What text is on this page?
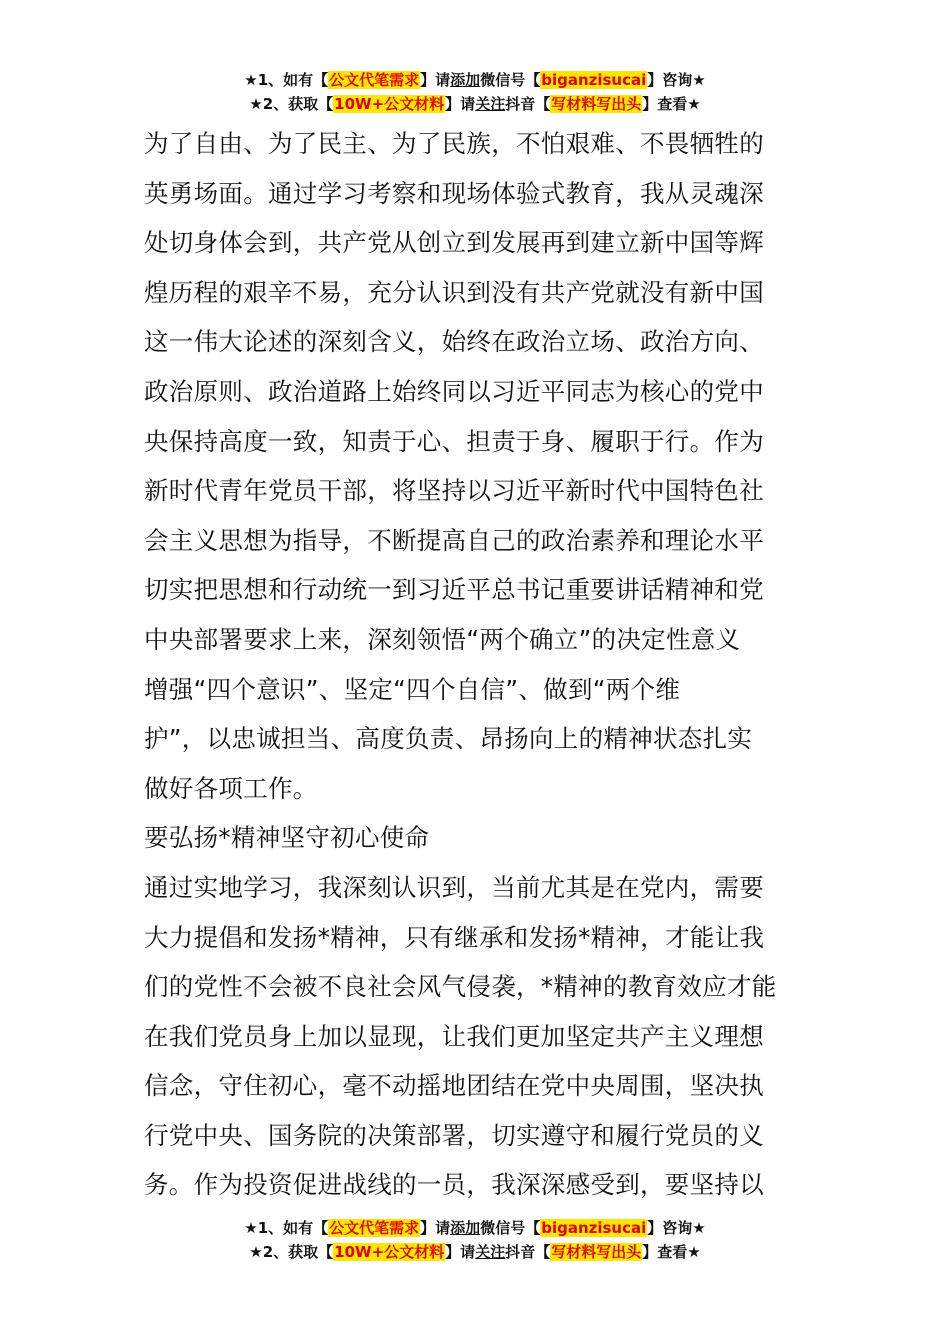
★1、如有【公文代笔需求】请添加微信号【biganzisucai】咨询★
★2、获取【10W+公文材料】请关注抖音【写材料写出头】查看★
为了自由、为了民主、为了民族，不怕艰难、不畏牺牲的
英勇场面。通过学习考察和现场体验式教育，我从灵魂深
处切身体会到，共产党从创立到发展再到建立新中国等辉
煌历程的艰辛不易，充分认识到没有共产党就没有新中国
这一伟大论述的深刻含义，始终在政治立场、政治方向、
政治原则、政治道路上始终同以习近平同志为核心的党中
央保持高度一致，知责于心、担责于身、履职于行。作为
新时代青年党员干部，将坚持以习近平新时代中国特色社
会主义思想为指导，不断提高自己的政治素养和理论水平
切实把思想和行动统一到习近平总书记重要讲话精神和党
中央部署要求上来，深刻领悟“两个确立”的决定性意义
增强“四个意识”、坚定“四个自信”、做到“两个维
护”，以忠诚担当、高度负责、昂扬向上的精神状态扎实
做好各项工作。
要弘扬*精神坚守初心使命
通过实地学习，我深刻认识到，当前尤其是在党内，需要
大力提倡和发扬*精神，只有继承和发扬*精神，才能让我
们的党性不会被不良社会风气侵袭，*精神的教育效应才能
在我们党员身上加以显现，让我们更加坚定共产主义理想
信念，守住初心，毫不动摇地团结在党中央周围，坚决执
行党中央、国务院的决策部署，切实遵守和履行党员的义
务。作为投资促进战线的一员，我深深感受到，要坚持以
★1、如有【公文代笔需求】请添加微信号【biganzisucai】咨询★
★2、获取【10W+公文材料】请关注抖音【写材料写出头】查看★
